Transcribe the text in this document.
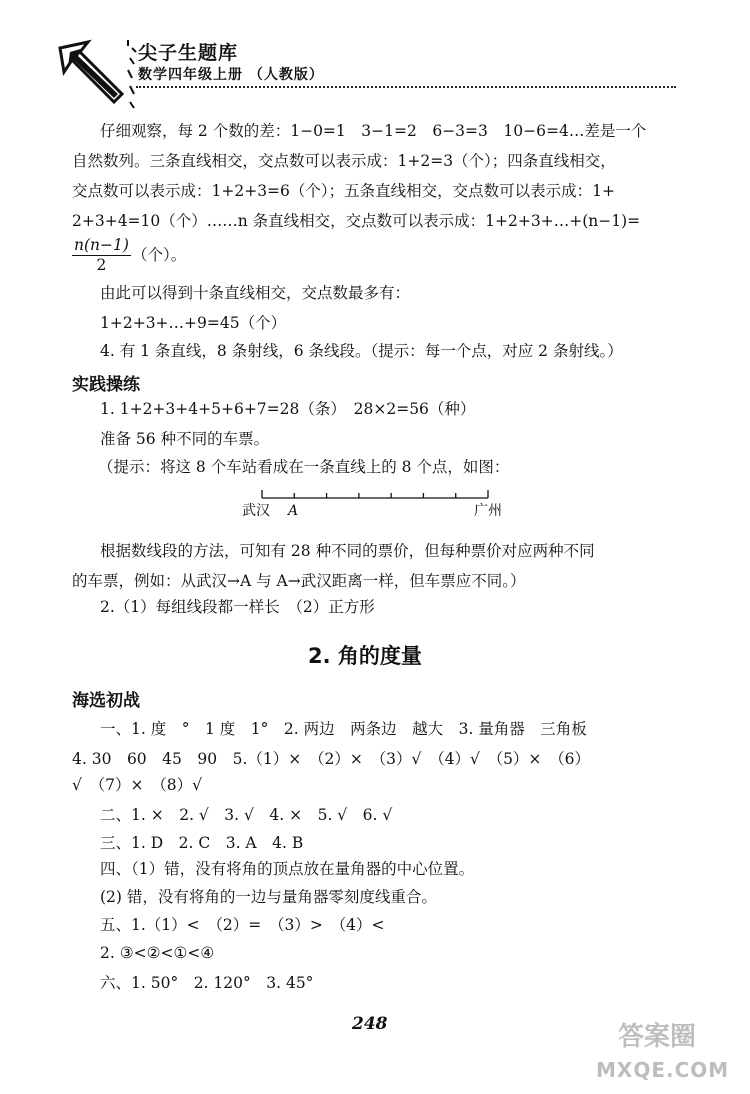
尖子生题库
数学四年级上册 （人教版）
仔细观察，每 2 个数的差：1−0=1　3−1=2　6−3=3　10−6=4…差是一个
自然数列。三条直线相交，交点数可以表示成：1+2=3（个）；四条直线相交，
交点数可以表示成：1+2+3=6（个）；五条直线相交，交点数可以表示成：1+
2+3+4=10（个）……n 条直线相交，交点数可以表示成：1+2+3+…+(n−1)=
$\frac{n(n-1)}{2}$ （个）。
由此可以得到十条直线相交，交点数最多有：
1+2+3+…+9=45（个）
4. 有 1 条直线，8 条射线，6 条线段。（提示：每一个点，对应 2 条射线。）
实践操练
1. 1+2+3+4+5+6+7=28（条）　28×2=56（种）
准备 56 种不同的车票。
（提示：将这 8 个车站看成在一条直线上的 8 个点，如图：
武汉 A	广州
根据数线段的方法，可知有 28 种不同的票价，但每种票价对应两种不同
的车票，例如：从武汉→A 与 A→武汉距离一样，但车票应不同。）
2.（1）每组线段都一样长　（2）正方形
2. 角的度量
海选初战
一、1. 度　°　1 度　1°　2. 两边　两条边　越大　3. 量角器　三角板
4. 30　60　45　90　5.（1）×　（2）×　（3）√　（4）√　（5）×　（6）
√　（7）×　（8）√
二、1. ×　2. √　3. √　4. ×　5. √　6. √
三、1. D　2. C　3. A　4. B
四、（1）错，没有将角的顶点放在量角器的中心位置。
(2) 错，没有将角的一边与量角器零刻度线重合。
五、1.（1）<　（2）=　（3）>　（4）<
2. ③<②<①<④
六、1. 50°　2. 120°　3. 45°
248	答案圈
MXQE.COM
